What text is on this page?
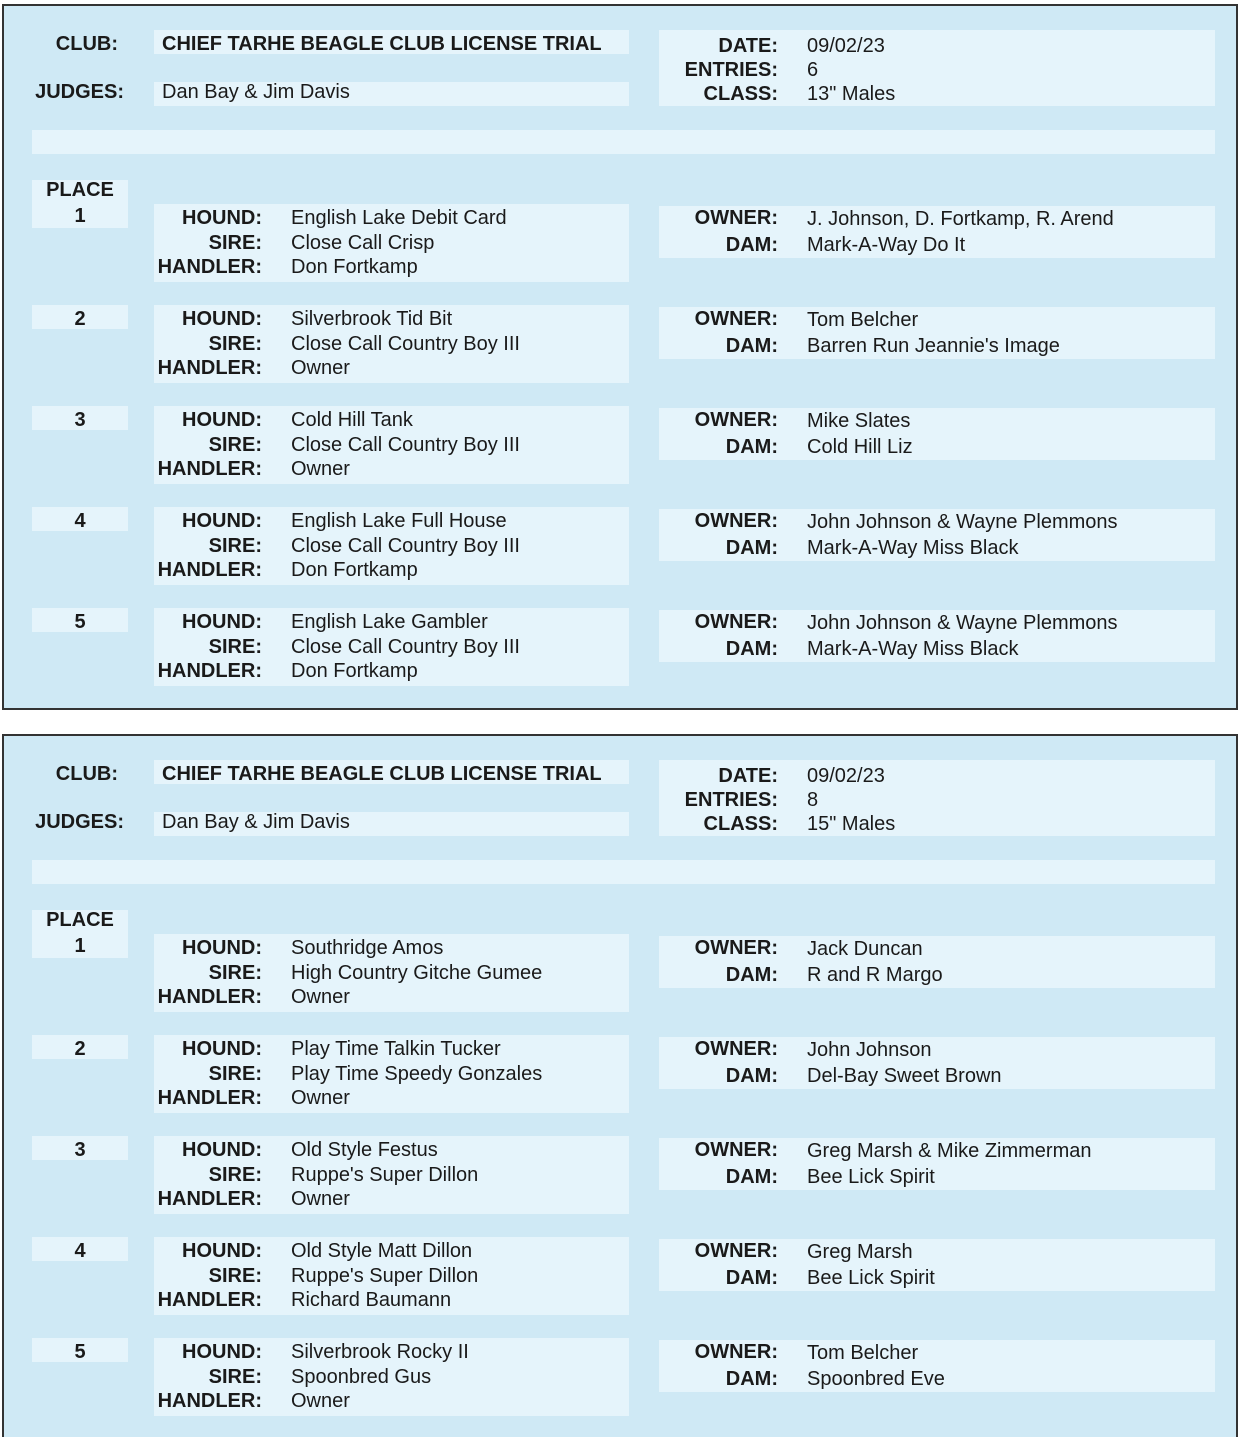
CLUB: CHIEF TARHE BEAGLE CLUB LICENSE TRIAL
JUDGES: Dan Bay & Jim Davis
DATE: 09/02/23
ENTRIES: 6
CLASS: 13" Males
PLACE
1	HOUND: English Lake Debit Card
SIRE: Close Call Crisp
HANDLER: Don Fortkamp
OWNER: J. Johnson, D. Fortkamp, R. Arend
DAM: Mark-A-Way Do It
2	HOUND: Silverbrook Tid Bit
SIRE: Close Call Country Boy III
HANDLER: Owner
OWNER: Tom Belcher
DAM: Barren Run Jeannie's Image
3	HOUND: Cold Hill Tank
SIRE: Close Call Country Boy III
HANDLER: Owner
OWNER: Mike Slates
DAM: Cold Hill Liz
4	HOUND: English Lake Full House
SIRE: Close Call Country Boy III
HANDLER: Don Fortkamp
OWNER: John Johnson & Wayne Plemmons
DAM: Mark-A-Way Miss Black
5	HOUND: English Lake Gambler
SIRE: Close Call Country Boy III
HANDLER: Don Fortkamp
OWNER: John Johnson & Wayne Plemmons
DAM: Mark-A-Way Miss Black
CLUB: CHIEF TARHE BEAGLE CLUB LICENSE TRIAL
JUDGES: Dan Bay & Jim Davis
DATE: 09/02/23
ENTRIES: 8
CLASS: 15" Males
PLACE
1	HOUND: Southridge Amos
SIRE: High Country Gitche Gumee
HANDLER: Owner
OWNER: Jack Duncan
DAM: R and R Margo
2	HOUND: Play Time Talkin Tucker
SIRE: Play Time Speedy Gonzales
HANDLER: Owner
OWNER: John Johnson
DAM: Del-Bay Sweet Brown
3	HOUND: Old Style Festus
SIRE: Ruppe's Super Dillon
HANDLER: Owner
OWNER: Greg Marsh & Mike Zimmerman
DAM: Bee Lick Spirit
4	HOUND: Old Style Matt Dillon
SIRE: Ruppe's Super Dillon
HANDLER: Richard Baumann
OWNER: Greg Marsh
DAM: Bee Lick Spirit
5	HOUND: Silverbrook Rocky II
SIRE: Spoonbred Gus
HANDLER: Owner
OWNER: Tom Belcher
DAM: Spoonbred Eve
